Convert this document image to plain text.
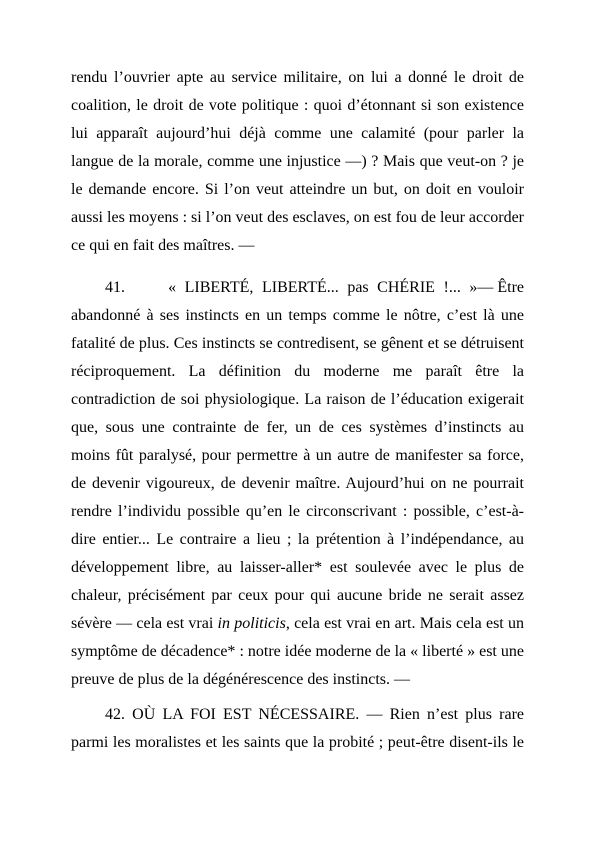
rendu l’ouvrier apte au service militaire, on lui a donné le droit de
coalition, le droit de vote politique : quoi d’étonnant si son existence
lui apparaît aujourd’hui déjà comme une calamité (pour parler la
langue de la morale, comme une injustice —) ? Mais que veut-on ? je
le demande encore. Si l’on veut atteindre un but, on doit en vouloir
aussi les moyens : si l’on veut des esclaves, on est fou de leur accorder
ce qui en fait des maîtres. —
41.	« LIBERTÉ, LIBERTÉ... pas CHÉRIE !... » — Être
abandonné à ses instincts en un temps comme le nôtre, c’est là une
fatalité de plus. Ces instincts se contredisent, se gênent et se détruisent
réciproquement. La définition du moderne me paraît être la
contradiction de soi physiologique. La raison de l’éducation exigerait
que, sous une contrainte de fer, un de ces systèmes d’instincts au
moins fût paralysé, pour permettre à un autre de manifester sa force,
de devenir vigoureux, de devenir maître. Aujourd’hui on ne pourrait
rendre l’individu possible qu’en le circonscrivant : possible, c’est-à-
dire entier... Le contraire a lieu ; la prétention à l’indépendance, au
développement libre, au laisser-aller* est soulevée avec le plus de
chaleur, précisément par ceux pour qui aucune bride ne serait assez
sévère — cela est vrai in politicis, cela est vrai en art. Mais cela est un
symptôme de décadence* : notre idée moderne de la « liberté » est une
preuve de plus de la dégénérescence des instincts. —
42. OÙ LA FOI EST NÉCESSAIRE. — Rien n’est plus rare
parmi les moralistes et les saints que la probité ; peut-être disent-ils le
